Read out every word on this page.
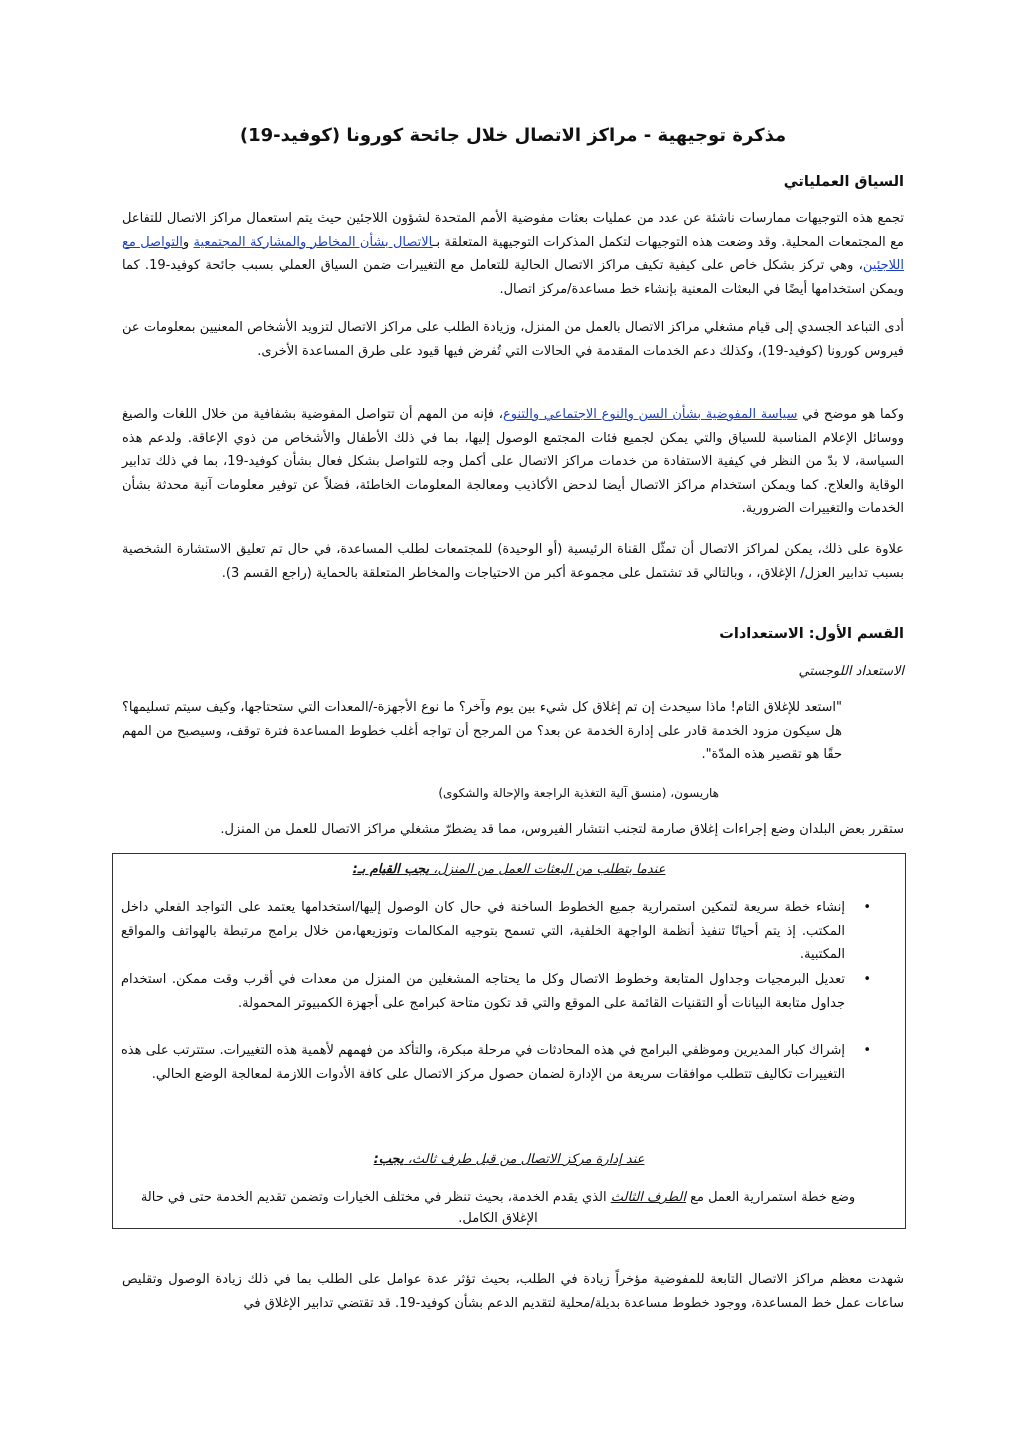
مذكرة توجيهية - مراكز الاتصال خلال جائحة كورونا (كوفيد-19)
السياق العملياتي
تجمع هذه التوجيهات ممارسات ناشئة عن عدد من عمليات بعثات مفوضية الأمم المتحدة لشؤون اللاجئين حيث يتم استعمال مراكز الاتصال للتفاعل مع المجتمعات المحلية. وقد وضعت هذه التوجيهات لتكمل المذكرات التوجيهية المتعلقة بـالاتصال بشأن المخاطر والمشاركة المجتمعية والتواصل مع اللاجئين، وهي تركز بشكل خاص على كيفية تكيف مراكز الاتصال الحالية للتعامل مع التغييرات ضمن السياق العملي بسبب جائحة كوفيد-19. كما ويمكن استخدامها أيضًا في البعثات المعنية بإنشاء خط مساعدة/مركز اتصال.
أدى التباعد الجسدي إلى قيام مشغلي مراكز الاتصال بالعمل من المنزل، وزيادة الطلب على مراكز الاتصال لتزويد الأشخاص المعنيين بمعلومات عن فيروس كورونا (كوفيد-19)، وكذلك دعم الخدمات المقدمة في الحالات التي تُفرض فيها قيود على طرق المساعدة الأخرى.
وكما هو موضح في سياسة المفوضية بشأن السن والنوع الاجتماعي والتنوع، فإنه من المهم أن تتواصل المفوضية بشفافية من خلال اللغات والصيغ ووسائل الإعلام المناسبة للسياق والتي يمكن لجميع فئات المجتمع الوصول إليها، بما في ذلك الأطفال والأشخاص من ذوي الإعاقة. ولدعم هذه السياسة، لا بدّ من النظر في كيفية الاستفادة من خدمات مراكز الاتصال على أكمل وجه للتواصل بشكل فعال بشأن كوفيد-19، بما في ذلك تدابير الوقاية والعلاج. كما ويمكن استخدام مراكز الاتصال أيضا لدحض الأكاذيب ومعالجة المعلومات الخاطئة، فضلاً عن توفير معلومات آنية محدثة بشأن الخدمات والتغييرات الضرورية.
علاوة على ذلك، يمكن لمراكز الاتصال أن تمثّل القناة الرئيسية (أو الوحيدة) للمجتمعات لطلب المساعدة، في حال تم تعليق الاستشارة الشخصية بسبب تدابير العزل/ الإغلاق، ، وبالتالي قد تشتمل على مجموعة أكبر من الاحتياجات والمخاطر المتعلقة بالحماية (راجع القسم 3).
القسم الأول: الاستعدادات
الاستعداد اللوجستي
"استعد للإغلاق التام! ماذا سيحدث إن تم إغلاق كل شيء بين يوم وآخر؟ ما نوع الأجهزة-/المعدات التي ستحتاجها، وكيف سيتم تسليمها؟ هل سيكون مزود الخدمة قادر على إدارة الخدمة عن بعد؟ من المرجح أن تواجه أغلب خطوط المساعدة فترة توقف، وسيصبح من المهم حقًا هو تقصير هذه المدّة".
هاريسون، (منسق آلية التغذية الراجعة والإحالة والشكوى)
ستقرر بعض البلدان وضع إجراءات إغلاق صارمة لتجنب انتشار الفيروس، مما قد يضطرّ مشغلي مراكز الاتصال للعمل من المنزل.
عندما يتطلب من البعثات العمل من المنزل، يجب القيام بـ:
•
إنشاء خطة سريعة لتمكين استمرارية جميع الخطوط الساخنة في حال كان الوصول إليها/استخدامها يعتمد على التواجد الفعلي داخل المكتب. إذ يتم أحيانًا تنفيذ أنظمة الواجهة الخلفية، التي تسمح بتوجيه المكالمات وتوزيعها،من خلال برامج مرتبطة بالهواتف والمواقع المكتبية.
•
تعديل البرمجيات وجداول المتابعة وخطوط الاتصال وكل ما يحتاجه المشغلين من المنزل من معدات في أقرب وقت ممكن. استخدام جداول متابعة البيانات أو التقنيات القائمة على الموقع والتي قد تكون متاحة كبرامج على أجهزة الكمبيوتر المحمولة.
•
إشراك كبار المديرين وموظفي البرامج في هذه المحادثات في مرحلة مبكرة، والتأكد من فهمهم لأهمية هذه التغييرات. ستترتب على هذه التغييرات تكاليف تتطلب موافقات سريعة من الإدارة لضمان حصول مركز الاتصال على كافة الأدوات اللازمة لمعالجة الوضع الحالي.
عند إدارة مركز الاتصال من قبل طرف ثالث، يجب:
وضع خطة استمرارية العمل مع الطرف الثالث الذي يقدم الخدمة، بحيث تنظر في مختلف الخيارات وتضمن تقديم الخدمة حتى في حالة الإغلاق الكامل.
شهدت معظم مراكز الاتصال التابعة للمفوضية مؤخراً زيادة في الطلب، بحيث تؤثر عدة عوامل على الطلب بما في ذلك زيادة الوصول وتقليص ساعات عمل خط المساعدة، ووجود خطوط مساعدة بديلة/محلية لتقديم الدعم بشأن كوفيد-19. قد تقتضي تدابير الإغلاق في
